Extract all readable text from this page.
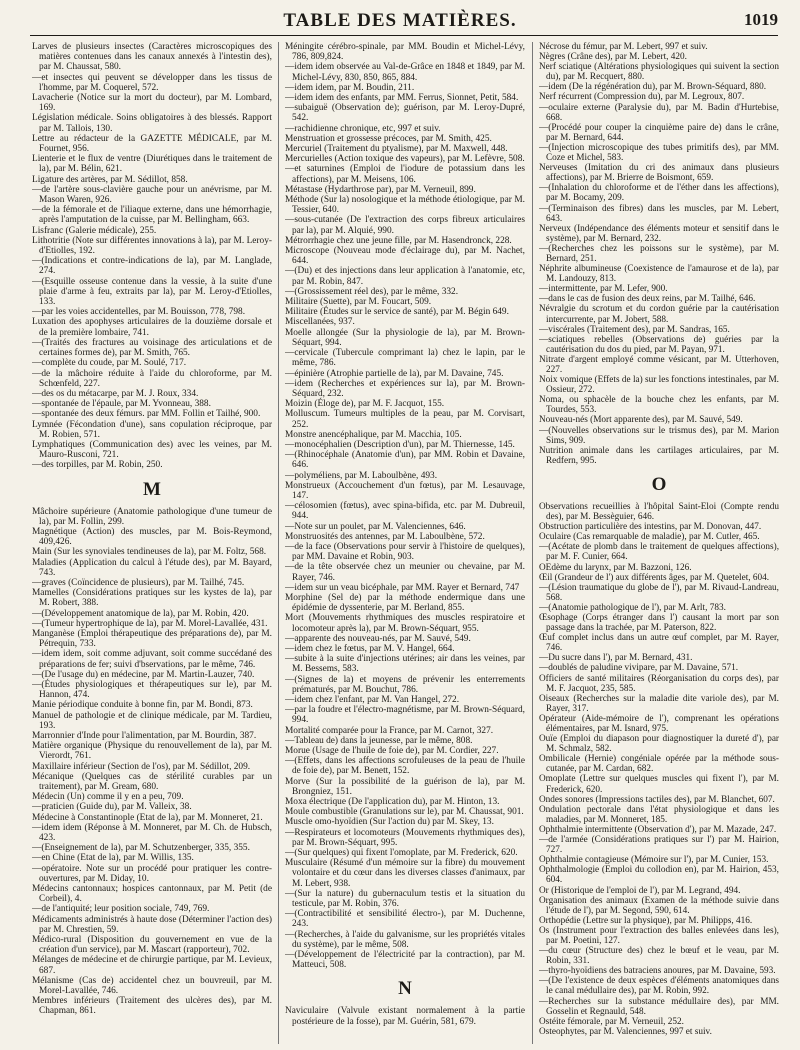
TABLE DES MATIÈRES.	1019

Larves de plusieurs insectes (Caractères microscopiques des matières contenues dans les canaux annexés à l'intestin des), par M. Chaussat, 580.

—et insectes qui peuvent se développer dans les tissus de l'homme, par M. Coquerel, 572.

Lavacherie (Notice sur la mort du docteur), par M. Lombard, 169.

Législation médicale. Soins obligatoires à des blessés. Rapport par M. Tallois, 130.

Lettre au rédacteur de la GAZETTE MÉDICALE, par M. Fournet, 956.

Lienterie et le flux de ventre (Diurétiques dans le traitement de la), par M. Bélin, 621.

Ligature des artères, par M. Sédillot, 858.

—de l'artère sous-clavière gauche pour un anévrisme, par M. Mason Waren, 926.

—de la fémorale et de l'iliaque externe, dans une hémorrhagie, après l'amputation de la cuisse, par M. Bellingham, 663.

Lisfranc (Galerie médicale), 255.

Lithotritie (Note sur différentes innovations à la), par M. Leroy-d'Etiolles, 192.

—(Indications et contre-indications de la), par M. Langlade, 274.

—(Esquille osseuse contenue dans la vessie, à la suite d'une plaie d'arme à feu, extraits par la), par M. Leroy-d'Etiolles, 133.

—par les voies accidentelles, par M. Bouisson, 778, 798.

Luxation des apophyses articulaires de la douzième dorsale et de la première lombaire, 741.

—(Traités des fractures au voisinage des articulations et de certaines formes de), par M. Smith, 765.

—complète du coude, par M. Soulé, 717.

—de la mâchoire réduite à l'aide du chloroforme, par M. Schœnfeld, 227.

—des os du métacarpe, par M. J. Roux, 334.

—spontanée de l'épaule, par M. Yvonneau, 388.

—spontanée des deux fémurs. par MM. Follin et Tailhé, 900.

Lymnée (Fécondation d'une), sans copulation réciproque, par M. Robien, 571.

Lymphatiques (Communication des) avec les veines, par M. Mauro-Rusconi, 721.

—des torpilles, par M. Robin, 250.

M

Mâchoire supérieure (Anatomie pathologique d'une tumeur de la), par M. Follin, 299.

Magnétique (Action) des muscles, par M. Bois-Reymond, 409,426.

Main (Sur les synoviales tendineuses de la), par M. Foltz, 568.

Maladies (Application du calcul à l'étude des), par M. Bayard, 743.

—graves (Coïncidence de plusieurs), par M. Tailhé, 745.

Mamelles (Considérations pratiques sur les kystes de la), par M. Robert, 388.

—(Développement anatomique de la), par M. Robin, 420.

—(Tumeur hypertrophique de la), par M. Morel-Lavallée, 431.

Manganèse (Emploi thérapeutique des préparations de), par M. Pétrequin, 733.

—idem idem, soit comme adjuvant, soit comme succédané des préparations de fer; suivi d'bservations, par le même, 746.

—(De l'usage du) en médecine, par M. Martin-Lauzer, 740.

—(Études physiologiques et thérapeutiques sur le), par M. Hannon, 474.

Manie périodique conduite à bonne fin, par M. Bondi, 873.

Manuel de pathologie et de clinique médicale, par M. Tardieu, 193.

Marronnier d'Inde pour l'alimentation, par M. Bourdin, 387.

Matière organique (Physique du renouvellement de la), par M. Vierordt, 761.

Maxillaire inférieur (Section de l'os), par M. Sédillot, 209.

Mécanique (Quelques cas de stérilité curables par un traitement), par M. Gream, 680.

Médecin (Un) comme il y en a peu, 709.

—praticien (Guide du), par M. Valleix, 38.

Médecine à Constantinople (Etat de la), par M. Monneret, 21.

—idem idem (Réponse à M. Monneret, par M. Ch. de Hubsch, 423.

—(Enseignement de la), par M. Schutzenberger, 335, 355.

—en Chine (Etat de la), par M. Willis, 135.

—opératoire. Note sur un procédé pour pratiquer les contre-ouvertures, par M. Diday, 10.

Médecins cantonnaux; hospices cantonnaux, par M. Petit (de Corbeil), 4.

—de l'antiquité; leur position sociale, 749, 769.

Médicaments administrés à haute dose (Déterminer l'action des) par M. Chrestien, 59.

Médico-rural (Disposition du gouvernement en vue de la création d'un service), par M. Mascart (rapporteur), 702.

Mélanges de médecine et de chirurgie partique, par M. Levieux, 687.

Mélanisme (Cas de) accidentel chez un bouvreuil, par M. Morel-Lavallée, 746.

Membres inférieurs (Traitement des ulcères des), par M. Chapman, 861.

Méningite cérébro-spinale, par MM. Boudin et Michel-Lévy, 786, 809,824.

—idem idem observée au Val-de-Grâce en 1848 et 1849, par M. Michel-Lévy, 830, 850, 865, 884.

—idem idem, par M. Boudin, 211.

—idem idem des enfants, par MM. Ferrus, Sionnet, Petit, 584.

—subaiguë (Observation de); guérison, par M. Leroy-Dupré, 542.

—rachidienne chronique, etc, 997 et suiv.

Menstruation et grossesse précoces, par M. Smith, 425.

Mercuriel (Traitement du ptyalisme), par M. Maxwell, 448.

Mercurielles (Action toxique des vapeurs), par M. Lefèvre, 508.

—et saturnines (Emploi de l'iodure de potassium dans les affections), par M. Meisens, 106.

Métastase (Hydarthrose par), par M. Verneuil, 899.

Méthode (Sur la) nosologique et la méthode étiologique, par M. Tessier, 640.

—sous-cutanée (De l'extraction des corps fibreux articulaires par la), par M. Alquié, 990.

Métrorrhagie chez une jeune fille, par M. Hasendronck, 228.

Microscope (Nouveau mode d'éclairage du), par M. Nachet, 644.

—(Du) et des injections dans leur application à l'anatomie, etc, par M. Robin, 847.

—(Grossissement réel des), par le même, 332.

Militaire (Suette), par M. Foucart, 509.

Militaire (Études sur le service de santé), par M. Bégin 649.

Miscellanées, 937.

Moelle allongée (Sur la physiologie de la), par M. Brown-Séquart, 994.

—cervicale (Tubercule comprimant la) chez le lapin, par le même, 786.

—épinière (Atrophie partielle de la), par M. Davaine, 745.

—idem (Recherches et expériences sur la), par M. Brown-Séquard, 232.

Moizin (Éloge de), par M. F. Jacquot, 155.

Molluscum. Tumeurs multiples de la peau, par M. Corvisart, 252.

Monstre anencéphalique, par M. Macchia, 105.

—monocéphalien (Description d'un), par M. Thiernesse, 145.

—(Rhinocéphale (Anatomie d'un), par MM. Robin et Davaine, 646.

—polyméliens, par M. Laboulbène, 493.

Monstrueux (Accouchement d'un fœtus), par M. Lesauvage, 147.

—célosomien (fœtus), avec spina-bifida, etc. par M. Dubreuil, 944.

—Note sur un poulet, par M. Valenciennes, 646.

Monstruosités des antennes, par M. Laboulbène, 572.

—de la face (Observations pour servir à l'histoire de quelques), par MM. Davaine et Robin, 903.

—de la tête observée chez un meunier ou chevaine, par M. Rayer, 746.

—idem sur un veau bicéphale, par MM. Rayer et Bernard, 747

Morphine (Sel de) par la méthode endermique dans une épidémie de dyssenterie, par M. Berland, 855.

Mort (Mouvements rhythmiques des muscles respiratoire et locomoteur après la), par M. Brown-Séquart, 955.

—apparente des nouveau-nés, par M. Sauvé, 549.

—idem chez le fœtus, par M. V. Hangel, 664.

—subite à la suite d'injections utérines; air dans les veines, par M. Bessems, 583.

—(Signes de la) et moyens de prévenir les enterrements prématurés, par M. Bouchut, 786.

—idem chez l'enfant, par M. Van Hangel, 272.

—par la foudre et l'électro-magnétisme, par M. Brown-Séquard, 994.

Mortalité comparée pour la France, par M. Carnot, 327.

—Tableau de) dans la jeunesse, par le même, 808.

Morue (Usage de l'huile de foie de), par M. Cordier, 227.

—(Effets, dans les affections scrofuleuses de la peau de l'huile de foie de), par M. Benett, 152.

Morve (Sur la possibilité de la guérison de la), par M. Brongniez, 151.

Moxa électrique (De l'application du), par M. Hinton, 13.

Moule combustible (Granulations sur le), par M. Chaussat, 901.

Muscle omo-hyoïdien (Sur l'action du) par M. Skey, 13.

—Respirateurs et locomoteurs (Mouvements rhythmiques des), par M. Brown-Séquart, 995.

—(Sur quelques) qui fixent l'omoplate, par M. Frederick, 620.

Musculaire (Résumé d'un mémoire sur la fibre) du mouvement volontaire et du cœur dans les diverses classes d'animaux, par M. Lebert, 938.

—(Sur la nature) du gubernaculum testis et la situation du testicule, par M. Robin, 376.

—(Contractibilité et sensibilité électro-), par M. Duchenne, 243.

—(Recherches, à l'aide du galvanisme, sur les propriétés vitales du système), par le même, 508.

—(Développement de l'électricité par la contraction), par M. Matteuci, 508.

N

Naviculaire (Valvule existant normalement à la partie postérieure de la fosse), par M. Guérin, 581, 679.

Nécrose du fémur, par M. Lebert, 997 et suiv.

Nègres (Crâne des), par M. Lebert, 420.

Nerf sciatique (Altérations physiologiques qui suivent la section du), par M. Recquert, 880.

—idem (De la régénération du), par M. Brown-Séquard, 880.

Nerf récurrent (Compression du), par M. Legroux, 807.

—oculaire externe (Paralysie du), par M. Badin d'Hurtebise, 668.

—(Procédé pour couper la cinquième paire de) dans le crâne, par M. Bernard, 644.

—(Injection microscopique des tubes primitifs des), par MM. Coze et Michel, 583.

Nerveuses (Imitation du cri des animaux dans plusieurs affections), par M. Brierre de Boismont, 659.

—(Inhalation du chloroforme et de l'éther dans les affections), par M. Bocamy, 209.

—(Terminaison des fibres) dans les muscles, par M. Lebert, 643.

Nerveux (Indépendance des éléments moteur et sensitif dans le système), par M. Bernard, 232.

—(Recherches chez les poissons sur le système), par M. Bernard, 251.

Néphrite albumineuse (Coexistence de l'amaurose et de la), par M. Landouzy, 813.

—intermittente, par M. Lefer, 900.

—dans le cas de fusion des deux reins, par M. Tailhé, 646.

Névralgie du scrotum et du cordon guérie par la cautérisation intercurrente, par M. Jobert, 588.

—viscérales (Traitement des), par M. Sandras, 165.

—sciatiques rebelles (Observations de) guéries par la cautérisation du dos du pied, par M. Payan, 971.

Nitrate d'argent employé comme vésicant, par M. Utterhoven, 227.

Noix vomique (Effets de la) sur les fonctions intestinales, par M. Ossieur, 272.

Noma, ou sphacèle de la bouche chez les enfants, par M. Tourdes, 553.

Nouveau-nés (Mort apparente des), par M. Sauvé, 549.

—(Nouvelles observations sur le trismus des), par M. Marion Sims, 909.

Nutrition animale dans les cartilages articulaires, par M. Redfern, 995.

O

Observations recueillies à l'hôpital Saint-Eloi (Compte rendu des), par M. Bessèguier, 646.

Obstruction particulière des intestins, par M. Donovan, 447.

Oculaire (Cas remarquable de maladie), par M. Cutler, 465.

—(Acétate de plomb dans le traitement de quelques affections), par M. F. Cunier, 664.

OEdème du larynx, par M. Bazzoni, 126.

Œil (Grandeur de l') aux différents âges, par M. Quetelet, 604.

—(Lésion traumatique du globe de l'), par M. Rivaud-Landreau, 568.

—(Anatomie pathologique de l'), par M. Arlt, 783.

Œsophage (Corps étranger dans l') causant la mort par son passage dans la trachée, par M. Paterson, 822.

Œuf complet inclus dans un autre œuf complet, par M. Rayer, 746.

—Du sucre dans l'), par M. Bernard, 431.

—doublés de paludine vivipare, par M. Davaine, 571.

Officiers de santé militaires (Réorganisation du corps des), par M. F. Jacquot, 235, 585.

Oiseaux (Recherches sur la maladie dite variole des), par M. Rayer, 317.

Opérateur (Aide-mémoire de l'), comprenant les opérations élémentaires, par M. Isnard, 975.

Ouïe (Emploi du diapason pour diagnostiquer la dureté d'), par M. Schmalz, 582.

Ombilicale (Hernie) congéniale opérée par la méthode sous-cutanée, par M. Cardan, 682.

Omoplate (Lettre sur quelques muscles qui fixent l'), par M. Frederick, 620.

Ondes sonores (Impressions tactiles des), par M. Blanchet, 607.

Ondulation pectorale dans l'état physiologique et dans les maladies, par M. Monneret, 185.

Ophthalmie intermittente (Observation d'), par M. Mazade, 247.

—de l'armée (Considérations pratiques sur l') par M. Hairion, 727.

Ophthalmie contagieuse (Mémoire sur l'), par M. Cunier, 153.

Ophthalmologie (Emploi du collodion en), par M. Hairion, 453, 604.

Or (Historique de l'emploi de l'), par M. Legrand, 494.

Organisation des animaux (Examen de la méthode suivie dans l'étude de l'), par M. Segond, 590, 614.

Orthopédie (Lettre sur la physique), par M. Philipps, 416.

Os (Instrument pour l'extraction des balles enlevées dans les), par M. Poetini, 127.

—du cœur (Structure des) chez le bœuf et le veau, par M. Robin, 331.

—thyro-hyoïdiens des batraciens anoures, par M. Davaine, 593.

—(De l'existence de deux espèces d'éléments anatomiques dans le canal médullaire des), par M. Robin, 992.

—Recherches sur la substance médullaire des), par MM. Gosselin et Regnauld, 548.

Ostéite fémorale, par M. Verneuil, 252.

Osteophytes, par M. Valenciennes, 997 et suiv.
